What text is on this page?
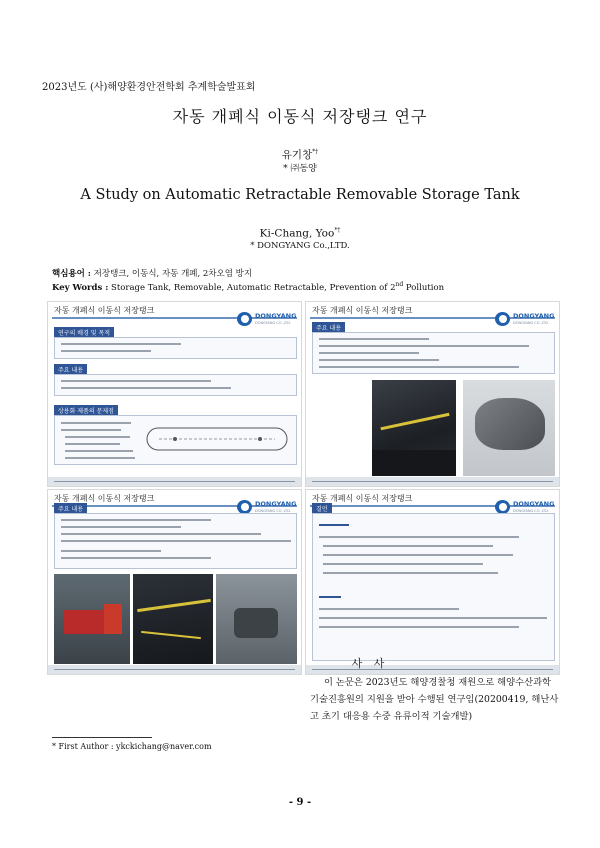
2023년도 (사)해양환경안전학회 추계학술발표회
자동 개폐식 이동식 저장탱크 연구
유기창*†
* ㈜동양
A Study on Automatic Retractable Removable Storage Tank
Ki-Chang, Yoo*†
* DONGYANG Co.,LTD.
핵심용어 : 저장탱크, 이동식, 자동 개폐, 2차오염 방지
Key Words : Storage Tank, Removable, Automatic Retractable, Prevention of 2nd Pollution
자동 개폐식 이동식 저장탱크
DONGYANG
DONGYANG CO.,LTD.
연구의 배경 및 목적
주요 내용
상용화 제품의 문제점
자동 개폐식 이동식 저장탱크
DONGYANG
DONGYANG CO.,LTD.
주요 내용
자동 개폐식 이동식 저장탱크
DONGYANG
DONGYANG CO.,LTD.
주요 내용
자동 개폐식 이동식 저장탱크
DONGYANG
DONGYANG CO.,LTD.
결언
사 사
이 논문은 2023년도 해양경찰청 재원으로 해양수산과학
기술진흥원의 지원을 받아 수행된 연구임(20200419, 해난사
고 초기 대응용 수중 유류이적 기술개발)
* First Author : ykckichang@naver.com
- 9 -
